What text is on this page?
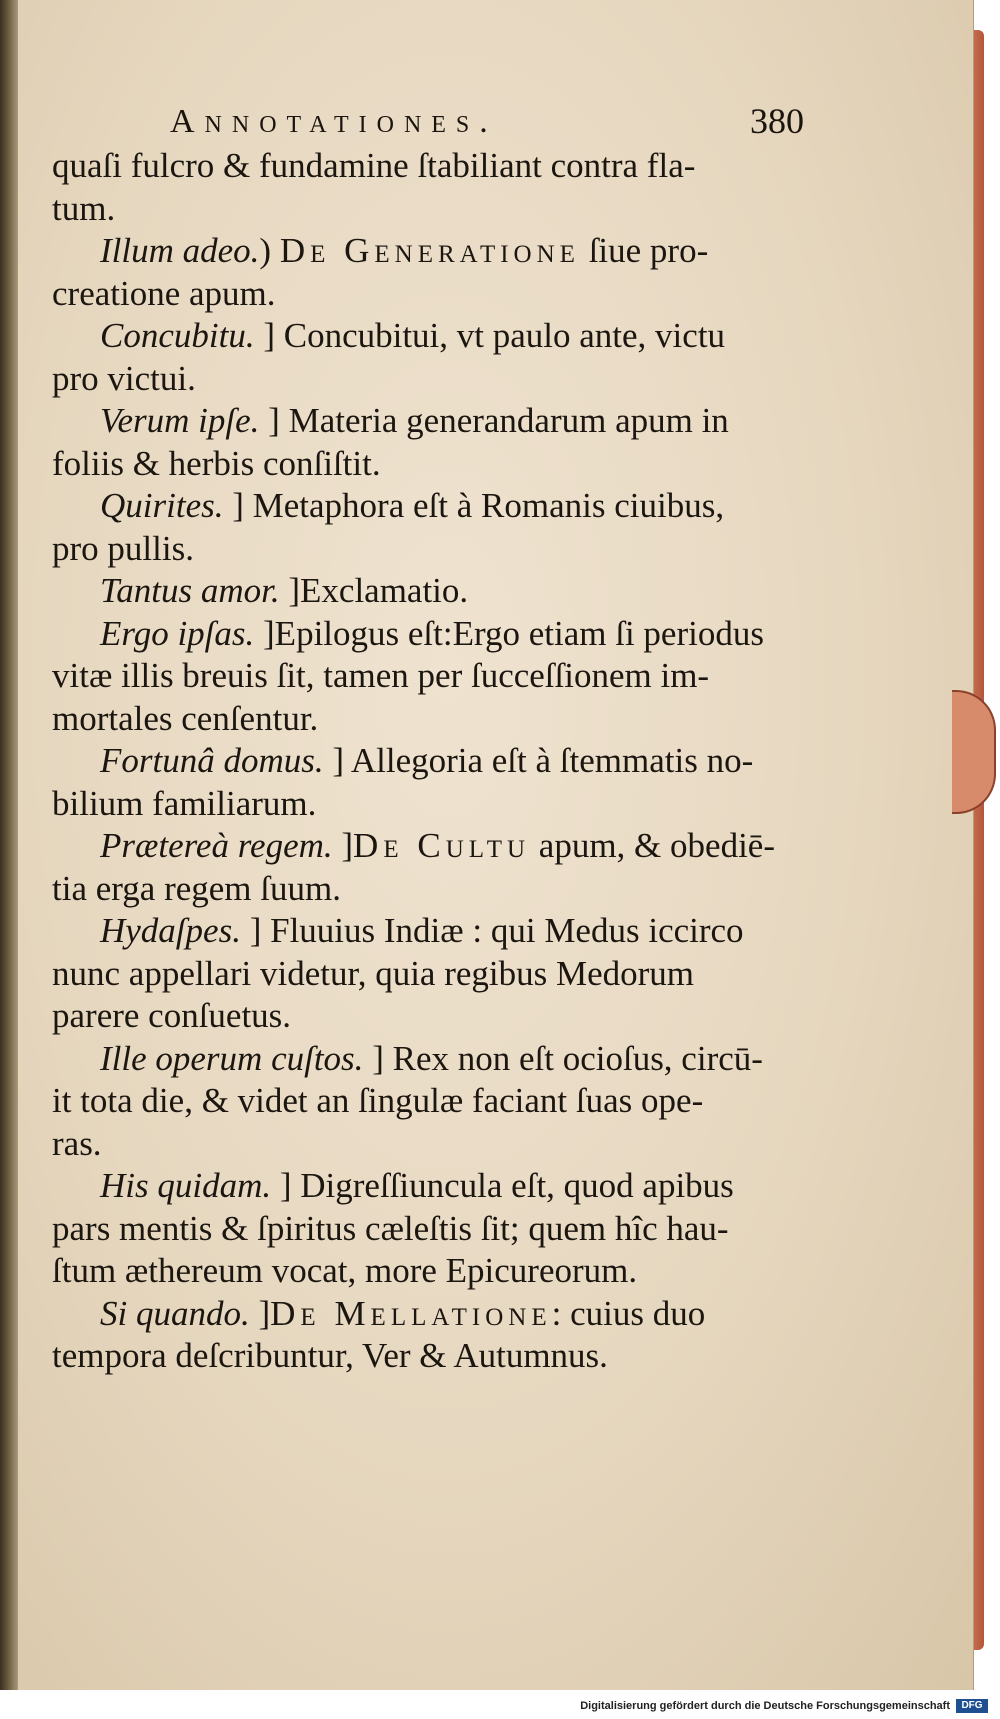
Annotationes.	380
quaſi fulcro & fundamine ſtabiliant contra fla-
tum.
Illum adeo.) De Generatione ſiue pro-
creatione apum.
Concubitu. ] Concubitui, vt paulo ante, victu
pro victui.
Verum ipſe. ] Materia generandarum apum in
foliis & herbis conſiſtit.
Quirites. ] Metaphora eſt à Romanis ciuibus,
pro pullis.
Tantus amor. ]Exclamatio.
Ergo ipſas. ]Epilogus eſt:Ergo etiam ſi periodus
vitæ illis breuis ſit, tamen per ſucceſſionem im-
mortales cenſentur.
Fortunâ domus. ] Allegoria eſt à ſtemmatis no-
bilium familiarum.
Prætereà regem. ]De Cultu apum, & obediē-
tia erga regem ſuum.
Hydaſpes. ] Fluuius Indiæ : qui Medus iccirco
nunc appellari videtur, quia regibus Medorum
parere conſuetus.
Ille operum cuſtos. ] Rex non eſt ocioſus, circū-
it tota die, & videt an ſingulæ faciant ſuas ope-
ras.
His quidam. ] Digreſſiuncula eſt, quod apibus
pars mentis & ſpiritus cæleſtis ſit; quem hîc hau-
ſtum æthereum vocat, more Epicureorum.
Si quando. ]De Mellatione: cuius duo
tempora deſcribuntur, Ver & Autumnus.
Digitalisierung gefördert durch die Deutsche Forschungsgemeinschaft	DFG
